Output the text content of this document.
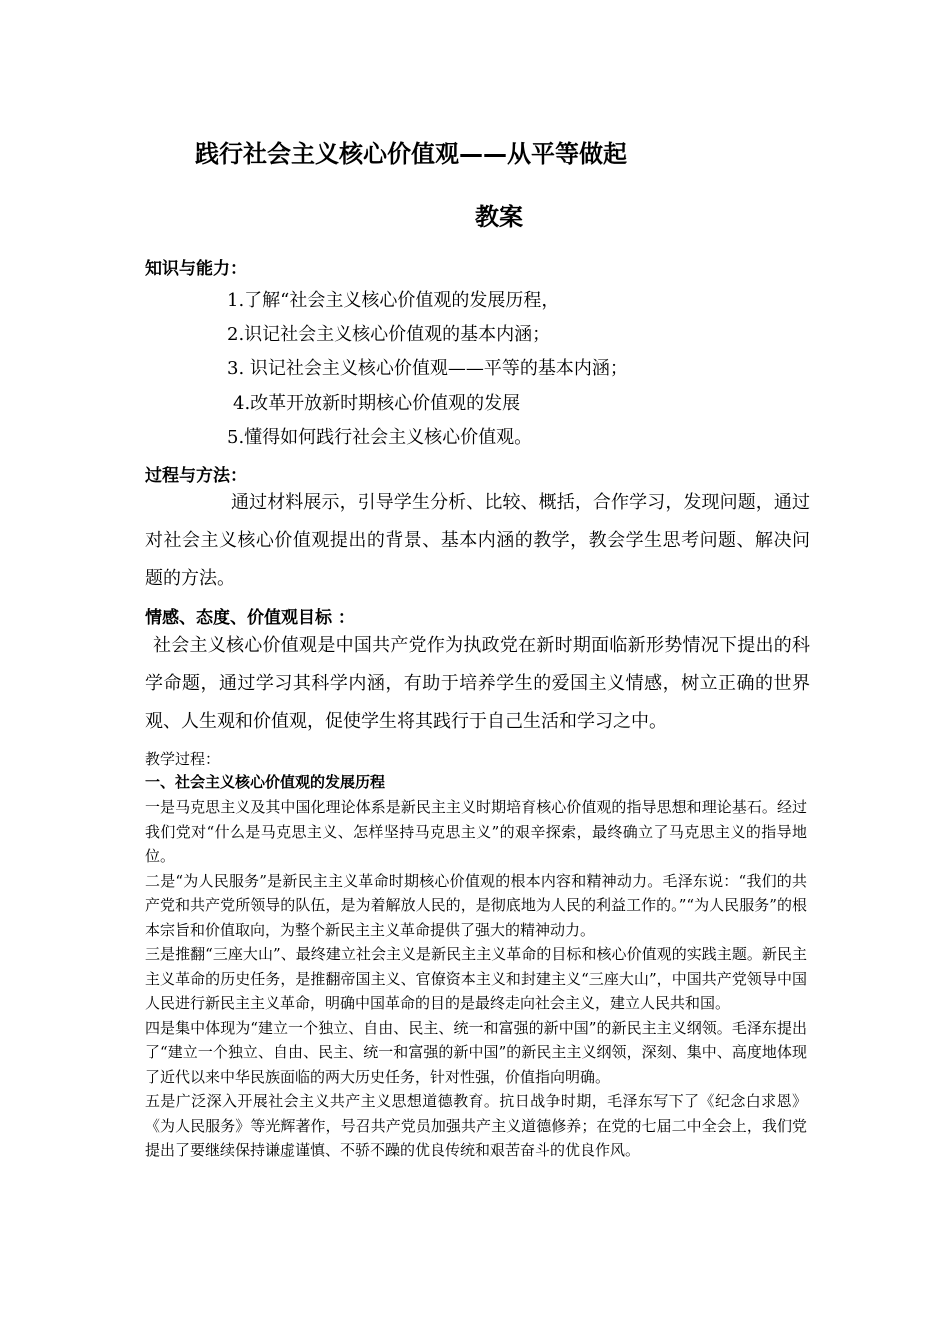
践行社会主义核心价值观——从平等做起
教案
知识与能力：
1.了解“社会主义核心价值观的发展历程，
2.识记社会主义核心价值观的基本内涵；
3. 识记社会主义核心价值观——平等的基本内涵；
4.改革开放新时期核心价值观的发展
5.懂得如何践行社会主义核心价值观。
过程与方法：
通过材料展示，引导学生分析、比较、概括，合作学习，发现问题，通过对社会主义核心价值观提出的背景、基本内涵的教学，教会学生思考问题、解决问题的方法。
情感、态度、价值观目标 ：
社会主义核心价值观是中国共产党作为执政党在新时期面临新形势情况下提出的科学命题，通过学习其科学内涵，有助于培养学生的爱国主义情感，树立正确的世界观、人生观和价值观，促使学生将其践行于自己生活和学习之中。
教学过程：
一、社会主义核心价值观的发展历程

一是马克思主义及其中国化理论体系是新民主主义时期培育核心价值观的指导思想和理论基石。经过我们党对“什么是马克思主义、怎样坚持马克思主义”的艰辛探索，最终确立了马克思主义的指导地位。

二是“为人民服务”是新民主主义革命时期核心价值观的根本内容和精神动力。毛泽东说：“我们的共产党和共产党所领导的队伍，是为着解放人民的，是彻底地为人民的利益工作的。”“为人民服务”的根本宗旨和价值取向，为整个新民主主义革命提供了强大的精神动力。

三是推翻“三座大山”、最终建立社会主义是新民主主义革命的目标和核心价值观的实践主题。新民主主义革命的历史任务，是推翻帝国主义、官僚资本主义和封建主义“三座大山”，中国共产党领导中国人民进行新民主主义革命，明确中国革命的目的是最终走向社会主义，建立人民共和国。

四是集中体现为“建立一个独立、自由、民主、统一和富强的新中国”的新民主主义纲领。毛泽东提出了“建立一个独立、自由、民主、统一和富强的新中国”的新民主主义纲领，深刻、集中、高度地体现了近代以来中华民族面临的两大历史任务，针对性强，价值指向明确。

五是广泛深入开展社会主义共产主义思想道德教育。抗日战争时期，毛泽东写下了《纪念白求恩》《为人民服务》等光辉著作，号召共产党员加强共产主义道德修养；在党的七届二中全会上，我们党提出了要继续保持谦虚谨慎、不骄不躁的优良传统和艰苦奋斗的优良作风。
